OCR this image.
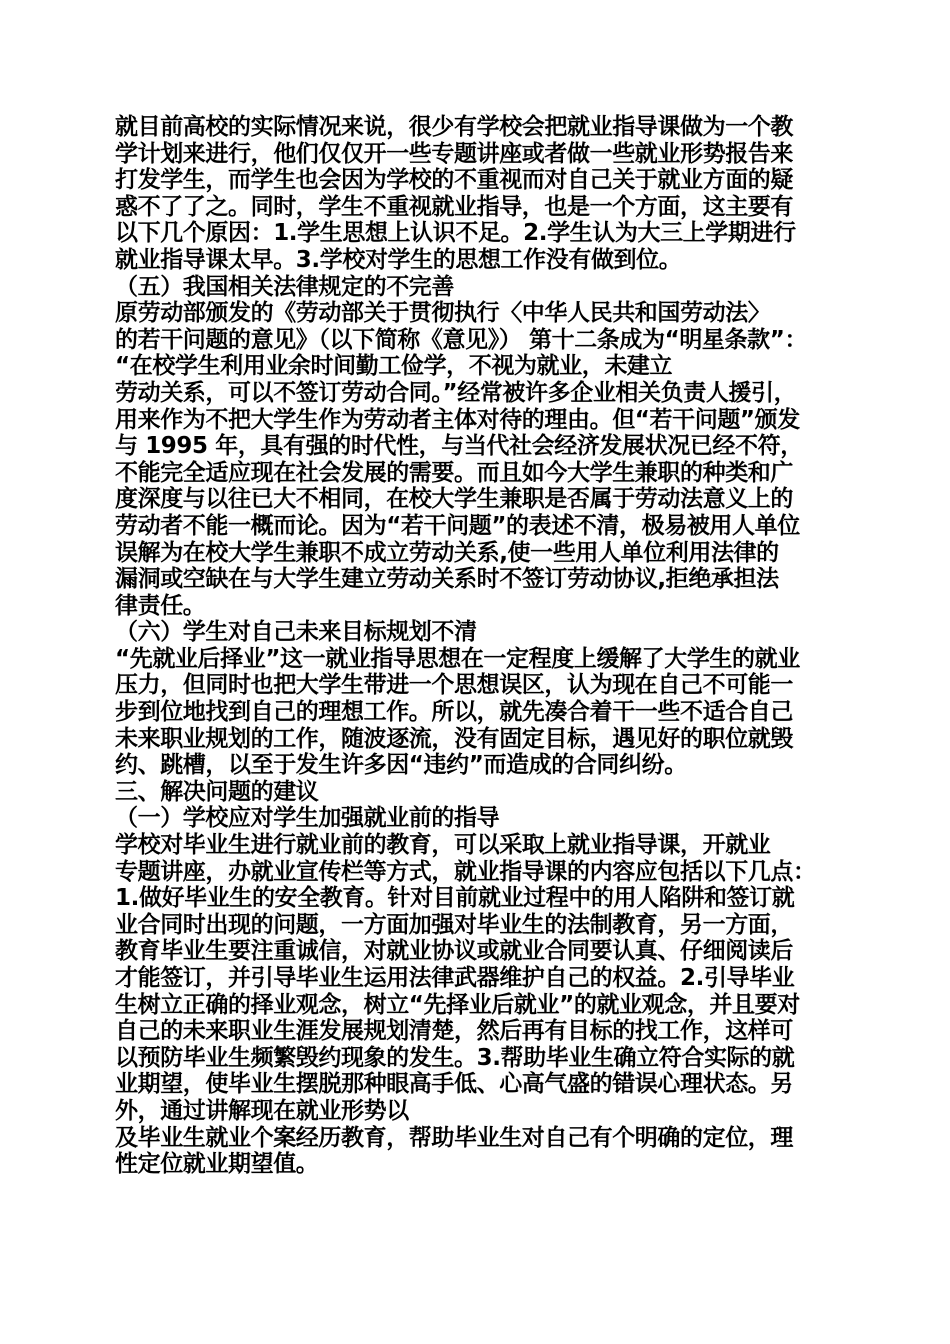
就目前高校的实际情况来说，很少有学校会把就业指导课做为一个教
学计划来进行，他们仅仅开一些专题讲座或者做一些就业形势报告来
打发学生，而学生也会因为学校的不重视而对自己关于就业方面的疑
惑不了了之。同时，学生不重视就业指导，也是一个方面，这主要有
以下几个原因：1.学生思想上认识不足。2.学生认为大三上学期进行
就业指导课太早。3.学校对学生的思想工作没有做到位。
（五）我国相关法律规定的不完善
原劳动部颁发的《劳动部关于贯彻执行〈中华人民共和国劳动法〉
的若干问题的意见》（以下简称《意见》） 第十二条成为“明星条款”：
“在校学生利用业余时间勤工俭学，不视为就业，未建立
劳动关系，可以不签订劳动合同。”经常被许多企业相关负责人援引，
用来作为不把大学生作为劳动者主体对待的理由。但“若干问题”颁发
与 1995 年，具有强的时代性，与当代社会经济发展状况已经不符，
不能完全适应现在社会发展的需要。而且如今大学生兼职的种类和广
度深度与以往已大不相同，在校大学生兼职是否属于劳动法意义上的
劳动者不能一概而论。因为“若干问题”的表述不清，极易被用人单位
误解为在校大学生兼职不成立劳动关系,使一些用人单位利用法律的
漏洞或空缺在与大学生建立劳动关系时不签订劳动协议,拒绝承担法
律责任。
（六）学生对自己未来目标规划不清
“先就业后择业”这一就业指导思想在一定程度上缓解了大学生的就业
压力，但同时也把大学生带进一个思想误区，认为现在自己不可能一
步到位地找到自己的理想工作。所以，就先凑合着干一些不适合自己
未来职业规划的工作，随波逐流，没有固定目标，遇见好的职位就毁
约、跳槽，以至于发生许多因“违约”而造成的合同纠纷。
三、解决问题的建议
（一）学校应对学生加强就业前的指导
学校对毕业生进行就业前的教育，可以采取上就业指导课，开就业
专题讲座，办就业宣传栏等方式，就业指导课的内容应包括以下几点：
1.做好毕业生的安全教育。针对目前就业过程中的用人陷阱和签订就
业合同时出现的问题，一方面加强对毕业生的法制教育，另一方面，
教育毕业生要注重诚信，对就业协议或就业合同要认真、仔细阅读后
才能签订，并引导毕业生运用法律武器维护自己的权益。2.引导毕业
生树立正确的择业观念，树立“先择业后就业”的就业观念，并且要对
自己的未来职业生涯发展规划清楚，然后再有目标的找工作，这样可
以预防毕业生频繁毁约现象的发生。3.帮助毕业生确立符合实际的就
业期望，使毕业生摆脱那种眼高手低、心高气盛的错误心理状态。另
外，通过讲解现在就业形势以
及毕业生就业个案经历教育，帮助毕业生对自己有个明确的定位，理
性定位就业期望值。
